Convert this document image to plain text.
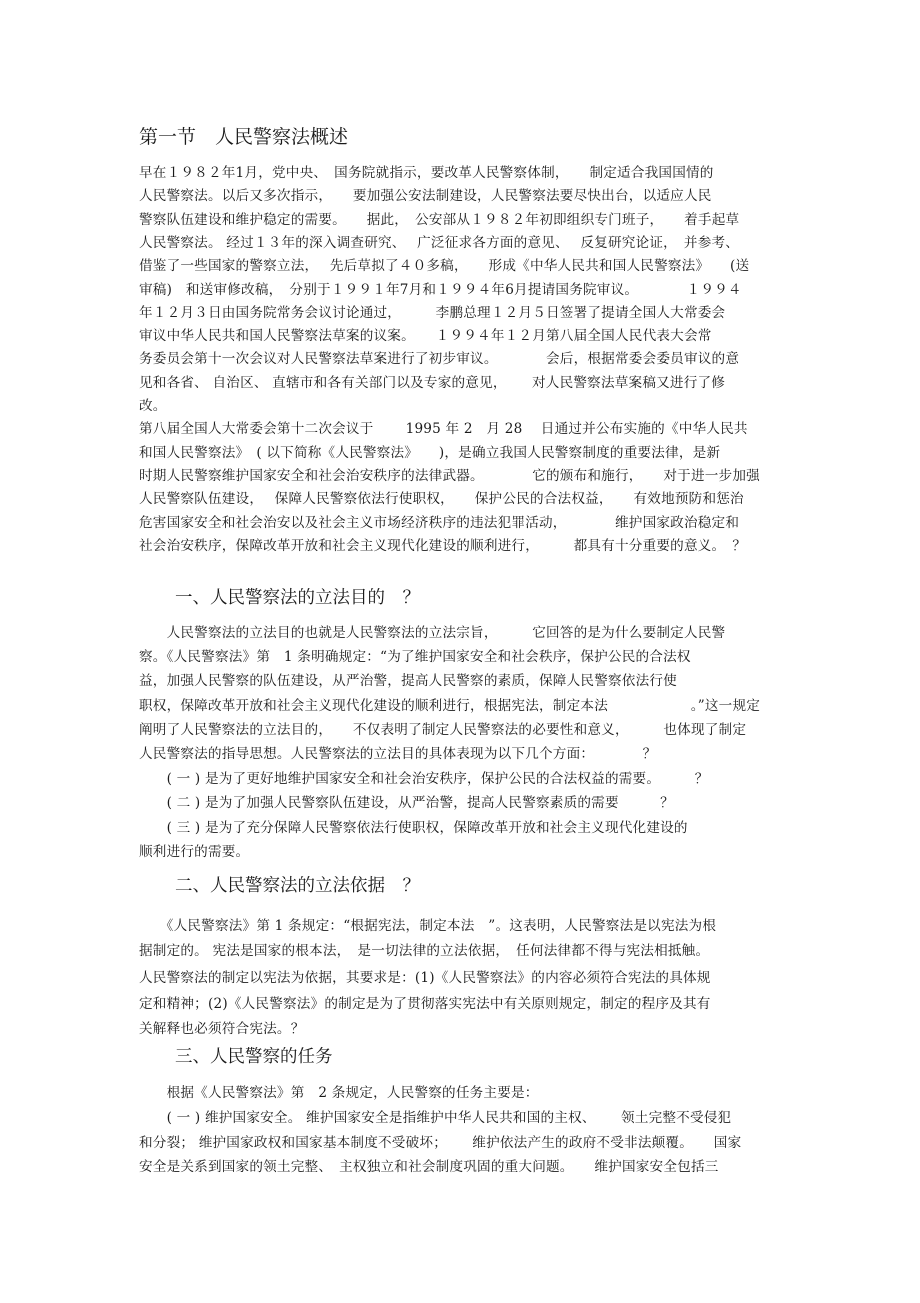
第一节　人民警察法概述
早在１９８２年1月，党中央、　国务院就指示，要改革人民警察体制，　　制定适合我国国情的
人民警察法。以后又多次指示，　　要加强公安法制建设，人民警察法要尽快出台，以适应人民
警察队伍建设和维护稳定的需要。　　据此，　公安部从１９８２年初即组织专门班子，　　着手起草
人民警察法。 经过１３年的深入调查研究、　 广泛征求各方面的意见、　 反复研究论证，　并参考、
借鉴了一些国家的警察立法，　 先后草拟了４０多稿，　　形成《中华人民共和国人民警察法》　　(送
审稿)　和送审修改稿，　分别于１９９１年7月和１９９４年6月提请国务院审议。　　　　１９９４
年１２月３日由国务院常务会议讨论通过，　　　李鹏总理１２月５日签署了提请全国人大常委会
审议中华人民共和国人民警察法草案的议案。　　１９９４年１２月第八届全国人民代表大会常
务委员会第十一次会议对人民警察法草案进行了初步审议。　　　　会后，根据常委会委员审议的意
见和各省、 自治区、 直辖市和各有关部门以及专家的意见，　　 对人民警察法草案稿又进行了修
改。
第八届全国人大常委会第十二次会议于　　 1995 年 2　月 28　 日通过并公布实施的《中华人民共
和国人民警察法》　( 以下简称《人民警察法》　　)，是确立我国人民警察制度的重要法律，是新
时期人民警察维护国家安全和社会治安秩序的法律武器。　　　　它的颁布和施行，　　对于进一步加强
人民警察队伍建设，　 保障人民警察依法行使职权，　　保护公民的合法权益，　　有效地预防和惩治
危害国家安全和社会治安以及社会主义市场经济秩序的违法犯罪活动，　　　　维护国家政治稳定和
社会治安秩序，保障改革开放和社会主义现代化建设的顺利进行，　　　都具有十分重要的意义。　？
一、人民警察法的立法目的　？
　　人民警察法的立法目的也就是人民警察法的立法宗旨，　　　它回答的是为什么要制定人民警
察。《人民警察法》第　1 条明确规定：“为了维护国家安全和社会秩序，保护公民的合法权
益，加强人民警察的队伍建设，从严治警，提高人民警察的素质，保障人民警察依法行使
职权，保障改革开放和社会主义现代化建设的顺利进行，根据宪法，制定本法　　　　　　。”这一规定
阐明了人民警察法的立法目的，　　不仅表明了制定人民警察法的必要性和意义，　　　也体现了制定
人民警察法的指导思想。人民警察法的立法目的具体表现为以下几个方面：　　　　？
　　( 一 ) 是为了更好地维护国家安全和社会治安秩序，保护公民的合法权益的需要。　　　？
　　( 二 ) 是为了加强人民警察队伍建设，从严治警，提高人民警察素质的需要　　　？
　　( 三 ) 是为了充分保障人民警察依法行使职权，保障改革开放和社会主义现代化建设的
顺利进行的需要。
二、人民警察法的立法依据　？
　　《人民警察法》第 1 条规定：“根据宪法，制定本法　”。这表明，人民警察法是以宪法为根
据制定的。 宪法是国家的根本法，　是一切法律的立法依据，　任何法律都不得与宪法相抵触。
人民警察法的制定以宪法为依据，其要求是：(1)《人民警察法》的内容必须符合宪法的具体规
定和精神；(2)《人民警察法》的制定是为了贯彻落实宪法中有关原则规定，制定的程序及其有
关解释也必须符合宪法。？
三、人民警察的任务
　　根据《人民警察法》第　2 条规定，人民警察的任务主要是：
　　( 一 ) 维护国家安全。 维护国家安全是指维护中华人民共和国的主权、　　 领土完整不受侵犯
和分裂； 维护国家政权和国家基本制度不受破坏；　　 维护依法产生的政府不受非法颠覆。　　国家
安全是关系到国家的领土完整、　主权独立和社会制度巩固的重大问题。　　维护国家安全包括三
